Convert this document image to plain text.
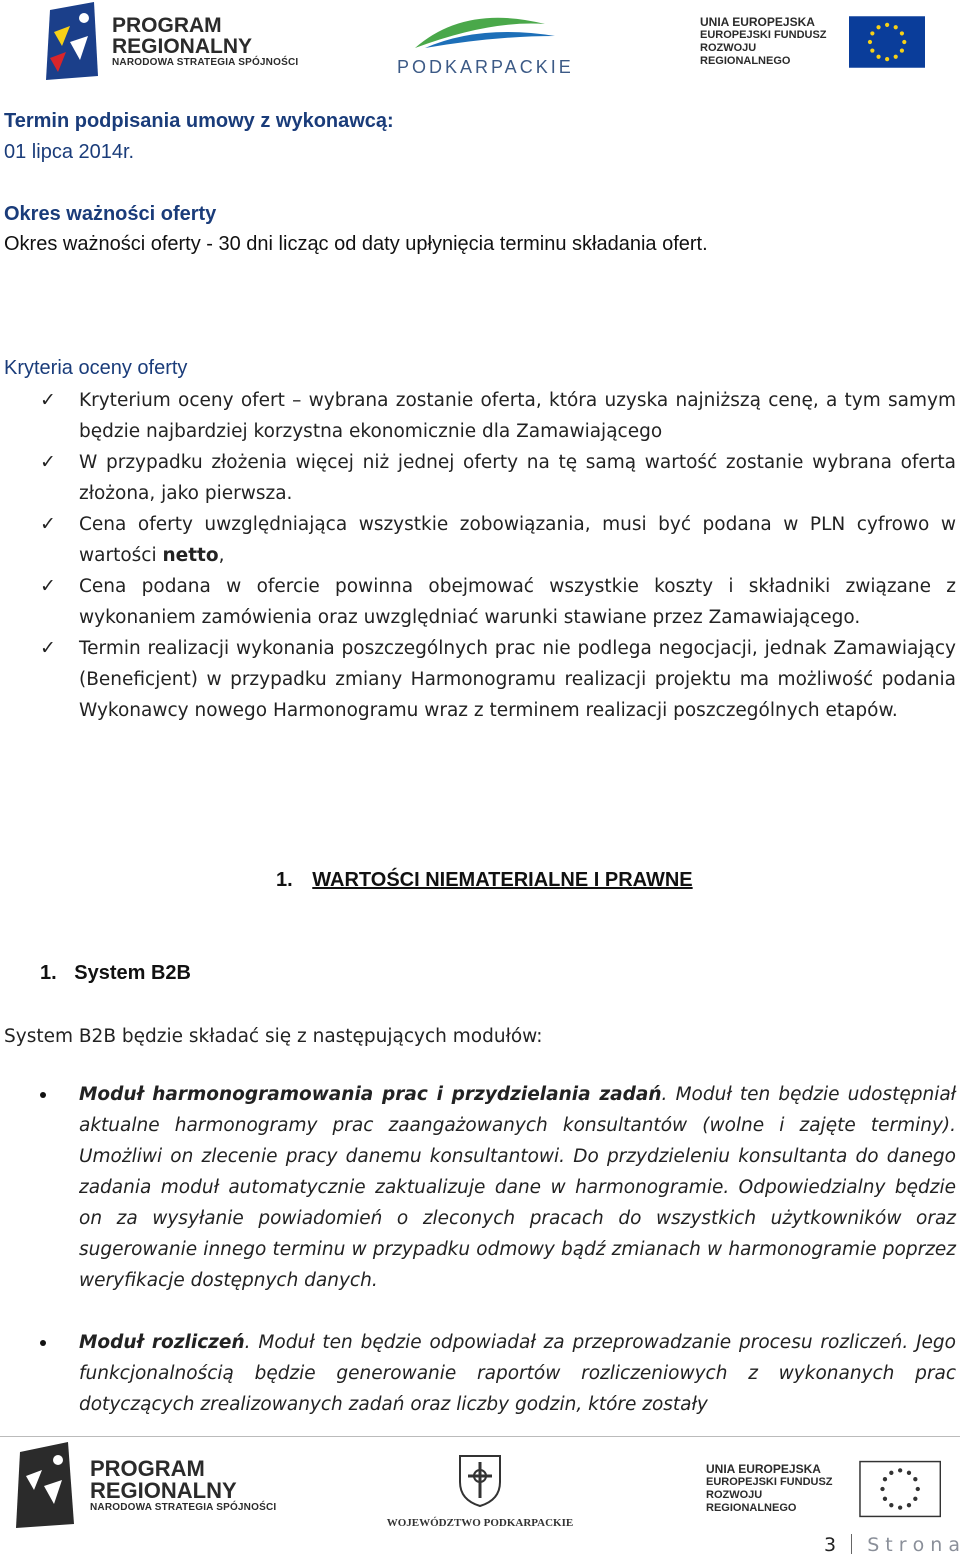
PROGRAM
REGIONALNY
NARODOWA STRATEGIA SPÓJNOŚCI	PODKARPACKIE
UNIA EUROPEJSKA
EUROPEJSKI FUNDUSZ
ROZWOJU REGIONALNEGO
Termin podpisania umowy z wykonawcą:
01 lipca 2014r.
Okres ważności oferty
Okres ważności oferty - 30 dni licząc od daty upłynięcia terminu składania ofert.
Kryteria oceny oferty
✓ Kryterium oceny ofert – wybrana zostanie oferta, która uzyska najniższą cenę, a tym samym będzie najbardziej korzystna ekonomicznie dla Zamawiającego
✓ W przypadku złożenia więcej niż jednej oferty na tę samą wartość zostanie wybrana oferta złożona, jako pierwsza.
✓ Cena oferty uwzględniająca wszystkie zobowiązania, musi być podana w PLN cyfrowo w wartości netto,
✓ Cena podana w ofercie powinna obejmować wszystkie koszty i składniki związane z wykonaniem zamówienia oraz uwzględniać warunki stawiane przez Zamawiającego.
✓ Termin realizacji wykonania poszczególnych prac nie podlega negocjacji, jednak Zamawiający (Beneficjent) w przypadku zmiany Harmonogramu realizacji projektu ma możliwość podania Wykonawcy nowego Harmonogramu wraz z terminem realizacji poszczególnych etapów.
1. WARTOŚCI NIEMATERIALNE I PRAWNE
1. System B2B
System B2B będzie składać się z następujących modułów:
Moduł harmonogramowania prac i przydzielania zadań. Moduł ten będzie udostępniał aktualne harmonogramy prac zaangażowanych konsultantów (wolne i zajęte terminy). Umożliwi on zlecenie pracy danemu konsultantowi. Do przydzieleniu konsultanta do danego zadania moduł automatycznie zaktualizuje dane w harmonogramie. Odpowiedzialny będzie on za wysyłanie powiadomień o zleconych pracach do wszystkich użytkowników oraz sugerowanie innego terminu w przypadku odmowy bądź zmianach w harmonogramie poprzez weryfikacje dostępnych danych.
Moduł rozliczeń. Moduł ten będzie odpowiadał za przeprowadzanie procesu rozliczeń. Jego funkcjonalnością będzie generowanie raportów rozliczeniowych z wykonanych prac dotyczących zrealizowanych zadań oraz liczby godzin, które zostały
PROGRAM
REGIONALNY
NARODOWA STRATEGIA SPÓJNOŚCI
WOJEWÓDZTWO PODKARPACKIE
UNIA EUROPEJSKA
EUROPEJSKI FUNDUSZ
ROZWOJU REGIONALNEGO
3 S t r o n a
